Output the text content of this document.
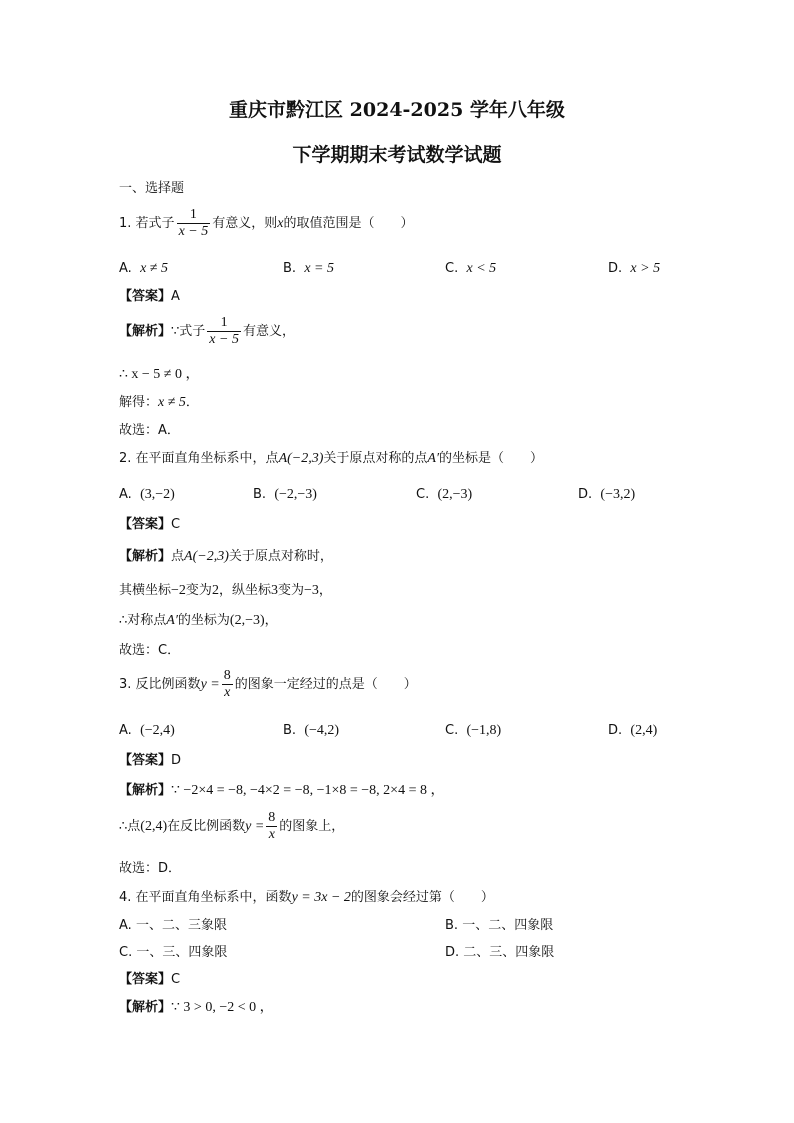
重庆市黔江区 2024-2025 学年八年级
下学期期末考试数学试题
一、选择题
1. 若式子 $\frac{1}{x - 5}$ 有意义，则x的取值范围是（　　）
A. x ≠ 5	B. x = 5	C. x < 5	D. x > 5
【答案】A
【解析】∵式子 $\frac{1}{x - 5}$ 有意义，
∴ x − 5 ≠ 0 ，
解得：x ≠ 5．
故选：A．
2. 在平面直角坐标系中，点A(−2,3)关于原点对称的点A′的坐标是（　　）
A. (3,−2)	B. (−2,−3)	C. (2,−3)	D. (−3,2)
【答案】C
【解析】点A(−2,3)关于原点对称时，
其横坐标−2变为2，纵坐标3变为−3，
∴对称点A′的坐标为(2,−3)，
故选：C．
3. 反比例函数$y = \frac{8}{x}$ 的图象一定经过的点是（　　）
A. (−2,4)	B. (−4,2)	C. (−1,8)	D. (2,4)
【答案】D
【解析】∵ −2×4 = −8, −4×2 = −8, −1×8 = −8, 2×4 = 8 ，
∴点(2,4)在反比例函数$y = \frac{8}{x}$ 的图象上，
故选：D．
4. 在平面直角坐标系中，函数y = 3x − 2的图象会经过第（　　）
A. 一、二、三象限	B. 一、二、四象限
C. 一、三、四象限	D. 二、三、四象限
【答案】C
【解析】∵ 3 > 0, −2 < 0 ，
